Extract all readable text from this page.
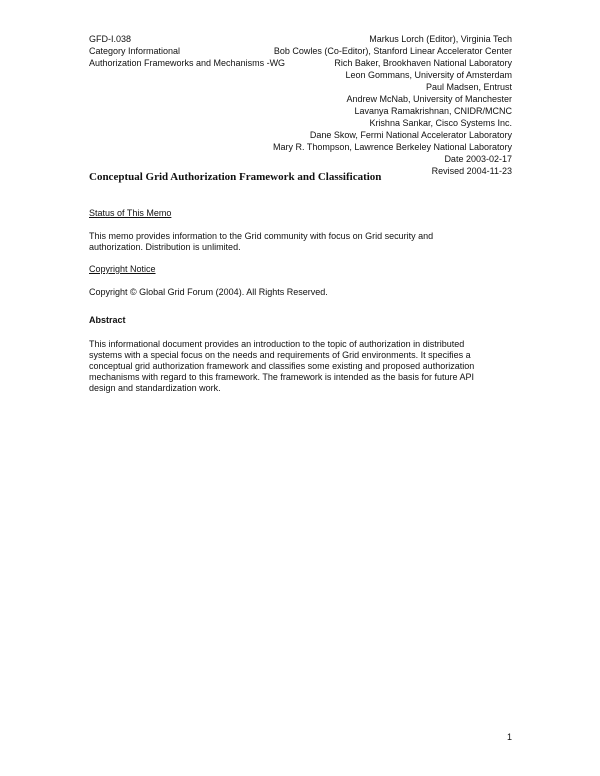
GFD-I.038
Category Informational
Authorization Frameworks and Mechanisms -WG
Markus Lorch (Editor), Virginia Tech
Bob Cowles (Co-Editor), Stanford Linear Accelerator Center
Rich Baker, Brookhaven National Laboratory
Leon Gommans, University of Amsterdam
Paul Madsen, Entrust
Andrew McNab, University of Manchester
Lavanya Ramakrishnan, CNIDR/MCNC
Krishna Sankar, Cisco Systems Inc.
Dane Skow, Fermi National Accelerator Laboratory
Mary R. Thompson, Lawrence Berkeley National Laboratory
Date 2003-02-17
Revised 2004-11-23
Conceptual Grid Authorization Framework and Classification
Status of This Memo
This memo provides information to the Grid community with focus on Grid security and
authorization. Distribution is unlimited.
Copyright Notice
Copyright © Global Grid Forum (2004). All Rights Reserved.
Abstract
This informational document provides an introduction to the topic of authorization in distributed
systems with a special focus on the needs and requirements of Grid environments. It specifies a
conceptual grid authorization framework and classifies some existing and proposed authorization
mechanisms with regard to this framework. The framework is intended as the basis for future API
design and standardization work.
1
